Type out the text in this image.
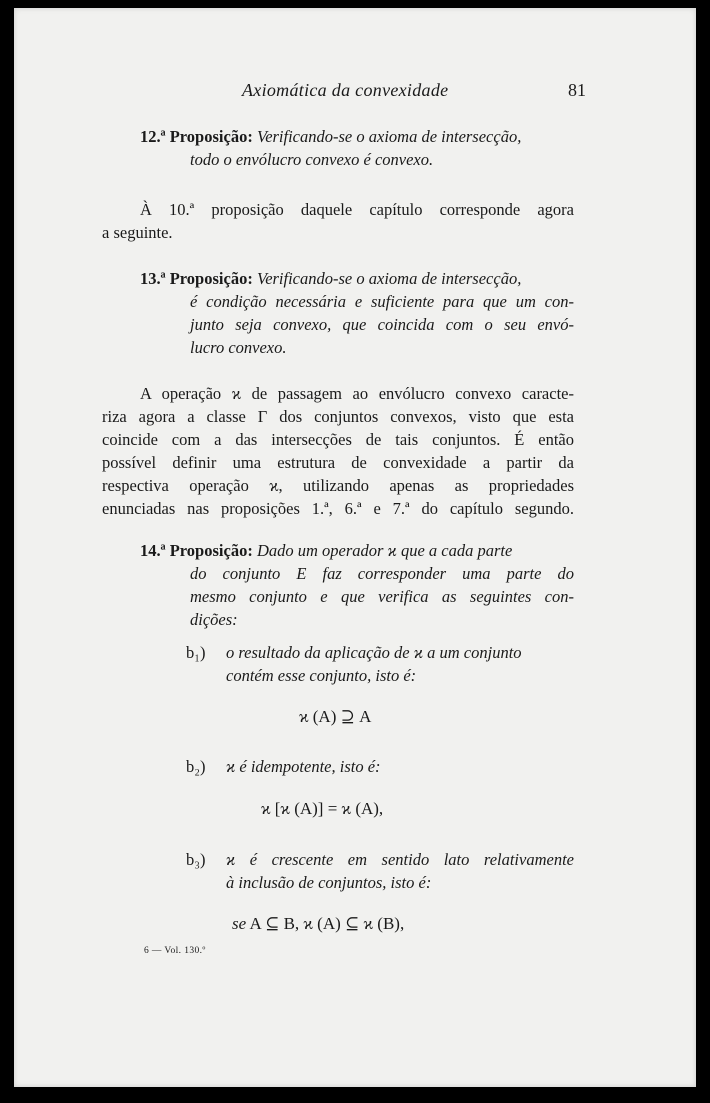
Axiomática da convexidade	81
12.ª Proposição: Verificando-se o axioma de intersecção,
todo o envólucro convexo é convexo.
À 10.ª proposição daquele capítulo corresponde agora
a seguinte.
13.ª Proposição: Verificando-se o axioma de intersecção,
é condição necessária e suficiente para que um con-
junto seja convexo, que coincida com o seu envó-
lucro convexo.
A operação ϰ de passagem ao envólucro convexo caracte-
riza agora a classe Γ dos conjuntos convexos, visto que esta
coincide com a das intersecções de tais conjuntos. É então
possível definir uma estrutura de convexidade a partir da
respectiva operação ϰ, utilizando apenas as propriedades
enunciadas nas proposições 1.ª, 6.ª e 7.ª do capítulo segundo.
14.ª Proposição: Dado um operador ϰ que a cada parte
do conjunto E faz corresponder uma parte do
mesmo conjunto e que verifica as seguintes con-
dições:
b₁) o resultado da aplicação de ϰ a um conjunto
contém esse conjunto, isto é:
ϰ (A) ⊇ A
b₂) ϰ é idempotente, isto é:
ϰ [ϰ (A)] = ϰ (A),
b₃) ϰ é crescente em sentido lato relativamente
à inclusão de conjuntos, isto é:
se A ⊆ B, ϰ (A) ⊆ ϰ (B),
6 — Vol. 130.º
